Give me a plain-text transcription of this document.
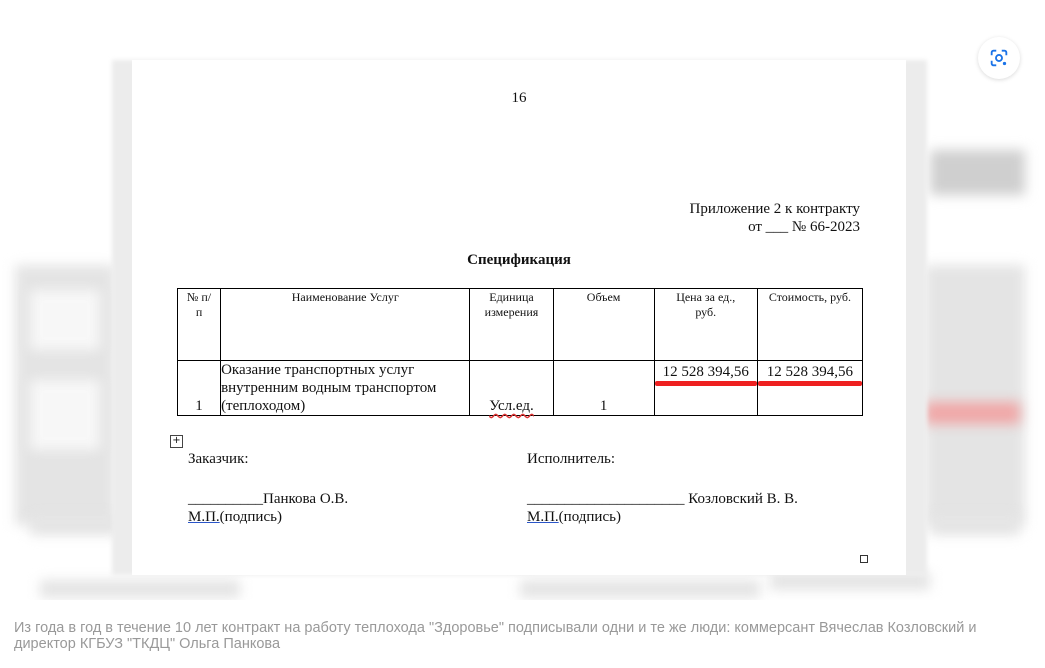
16
Приложение 2 к контракту
от ___ № 66-2023
Спецификация
№ п/п	Наименование Услуг	Единица измерения	Объем	Цена за ед., руб.	Стоимость, руб.
1	Оказание транспортных услуг внутренним водным транспортом (теплоходом)	Усл.ед.	1	12 528 394,56	12 528 394,56
+
Заказчик:
__________Панкова О.В.
М.П.(подпись)
Исполнитель:
_____________________ Козловский В. В.
М.П.(подпись)
Из года в год в течение 10 лет контракт на работу теплохода "Здоровье" подписывали одни и те же люди: коммерсант Вячеслав Козловский и директор КГБУЗ "ТКДЦ" Ольга Панкова
